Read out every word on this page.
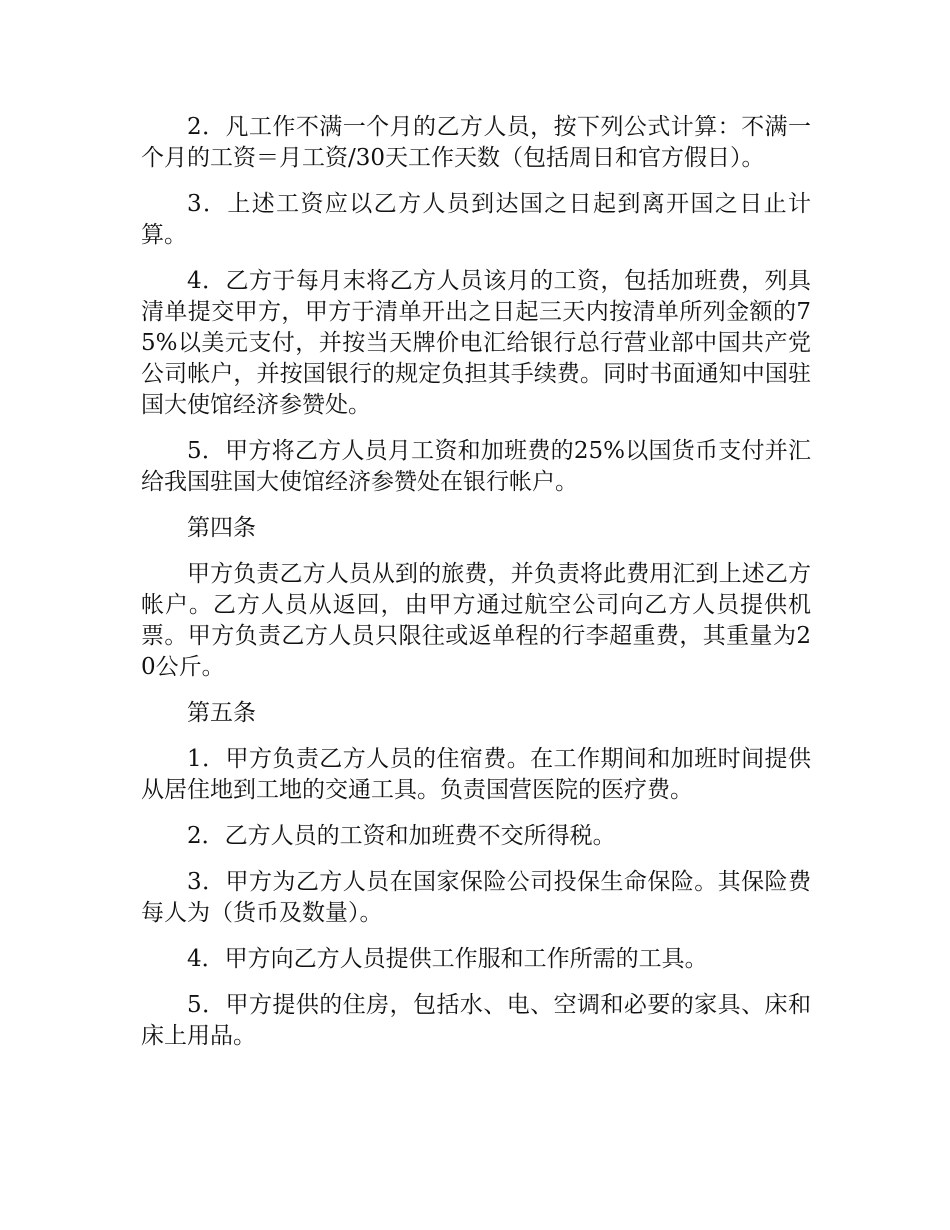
2．凡工作不满一个月的乙方人员，按下列公式计算：不满一个月的工资＝月工资/30天工作天数（包括周日和官方假日）。

3．上述工资应以乙方人员到达国之日起到离开国之日止计算。

4．乙方于每月末将乙方人员该月的工资，包括加班费，列具清单提交甲方，甲方于清单开出之日起三天内按清单所列金额的75%以美元支付，并按当天牌价电汇给银行总行营业部中国共产党公司帐户，并按国银行的规定负担其手续费。同时书面通知中国驻国大使馆经济参赞处。

5．甲方将乙方人员月工资和加班费的25%以国货币支付并汇给我国驻国大使馆经济参赞处在银行帐户。

第四条

甲方负责乙方人员从到的旅费，并负责将此费用汇到上述乙方帐户。乙方人员从返回，由甲方通过航空公司向乙方人员提供机票。甲方负责乙方人员只限往或返单程的行李超重费，其重量为20公斤。

第五条

1．甲方负责乙方人员的住宿费。在工作期间和加班时间提供从居住地到工地的交通工具。负责国营医院的医疗费。

2．乙方人员的工资和加班费不交所得税。

3．甲方为乙方人员在国家保险公司投保生命保险。其保险费每人为（货币及数量）。

4．甲方向乙方人员提供工作服和工作所需的工具。

5．甲方提供的住房，包括水、电、空调和必要的家具、床和床上用品。
